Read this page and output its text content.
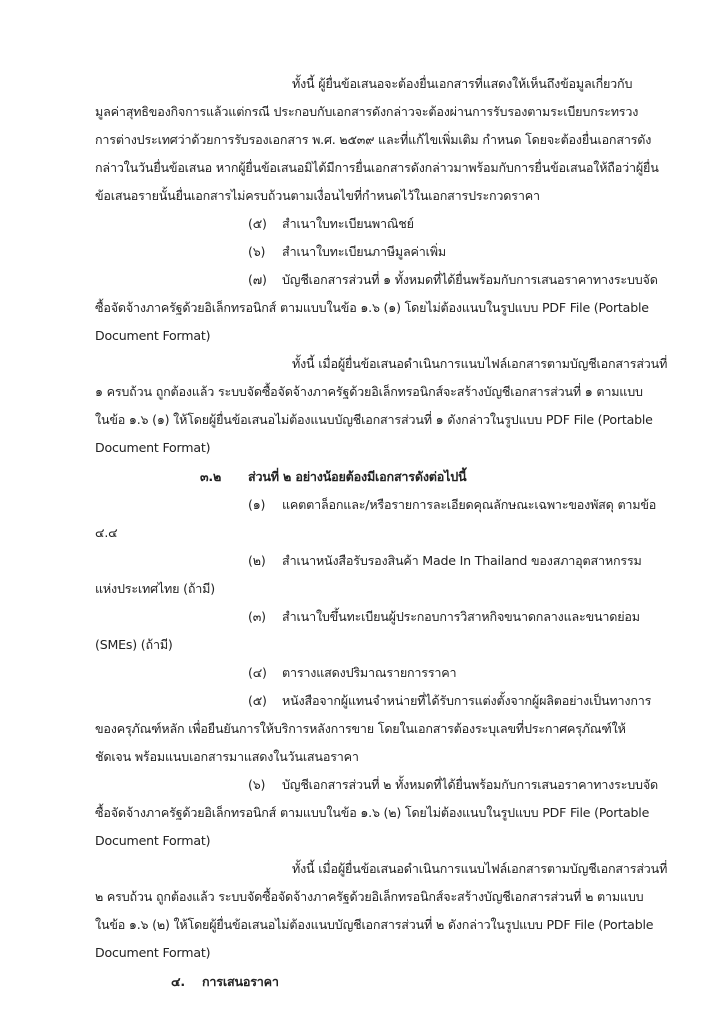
ทั้งนี้ ผู้ยื่นข้อเสนอจะต้องยื่นเอกสารที่แสดงให้เห็นถึงข้อมูลเกี่ยวกับ
มูลค่าสุทธิของกิจการแล้วแต่กรณี ประกอบกับเอกสารดังกล่าวจะต้องผ่านการรับรองตามระเบียบกระทรวง
การต่างประเทศว่าด้วยการรับรองเอกสาร พ.ศ. ๒๕๓๙ และที่แก้ไขเพิ่มเติม กำหนด โดยจะต้องยื่นเอกสารดัง
กล่าวในวันยื่นข้อเสนอ หากผู้ยื่นข้อเสนอมิได้มีการยื่นเอกสารดังกล่าวมาพร้อมกับการยื่นข้อเสนอให้ถือว่าผู้ยื่น
ข้อเสนอรายนั้นยื่นเอกสารไม่ครบถ้วนตามเงื่อนไขที่กำหนดไว้ในเอกสารประกวดราคา
(๕) สำเนาใบทะเบียนพาณิชย์
(๖) สำเนาใบทะเบียนภาษีมูลค่าเพิ่ม
(๗) บัญชีเอกสารส่วนที่ ๑ ทั้งหมดที่ได้ยื่นพร้อมกับการเสนอราคาทางระบบจัด
ซื้อจัดจ้างภาครัฐด้วยอิเล็กทรอนิกส์ ตามแบบในข้อ ๑.๖ (๑) โดยไม่ต้องแนบในรูปแบบ PDF File (Portable
Document Format)
ทั้งนี้ เมื่อผู้ยื่นข้อเสนอดำเนินการแนบไฟล์เอกสารตามบัญชีเอกสารส่วนที่
๑ ครบถ้วน ถูกต้องแล้ว ระบบจัดซื้อจัดจ้างภาครัฐด้วยอิเล็กทรอนิกส์จะสร้างบัญชีเอกสารส่วนที่ ๑ ตามแบบ
ในข้อ ๑.๖ (๑) ให้โดยผู้ยื่นข้อเสนอไม่ต้องแนบบัญชีเอกสารส่วนที่ ๑ ดังกล่าวในรูปแบบ PDF File (Portable
Document Format)
๓.๒ ส่วนที่ ๒ อย่างน้อยต้องมีเอกสารดังต่อไปนี้
(๑) แคตตาล็อกและ/หรือรายการละเอียดคุณลักษณะเฉพาะของพัสดุ ตามข้อ
๔.๔
(๒) สำเนาหนังสือรับรองสินค้า Made In Thailand ของสภาอุตสาหกรรม
แห่งประเทศไทย (ถ้ามี)
(๓) สำเนาใบขึ้นทะเบียนผู้ประกอบการวิสาหกิจขนาดกลางและขนาดย่อม
(SMEs) (ถ้ามี)
(๔) ตารางแสดงปริมาณรายการราคา
(๕) หนังสือจากผู้แทนจำหน่ายที่ได้รับการแต่งตั้งจากผู้ผลิตอย่างเป็นทางการ
ของครุภัณฑ์หลัก เพื่อยืนยันการให้บริการหลังการขาย โดยในเอกสารต้องระบุเลขที่ประกาศครุภัณฑ์ให้
ชัดเจน พร้อมแนบเอกสารมาแสดงในวันเสนอราคา
(๖) บัญชีเอกสารส่วนที่ ๒ ทั้งหมดที่ได้ยื่นพร้อมกับการเสนอราคาทางระบบจัด
ซื้อจัดจ้างภาครัฐด้วยอิเล็กทรอนิกส์ ตามแบบในข้อ ๑.๖ (๒) โดยไม่ต้องแนบในรูปแบบ PDF File (Portable
Document Format)
ทั้งนี้ เมื่อผู้ยื่นข้อเสนอดำเนินการแนบไฟล์เอกสารตามบัญชีเอกสารส่วนที่
๒ ครบถ้วน ถูกต้องแล้ว ระบบจัดซื้อจัดจ้างภาครัฐด้วยอิเล็กทรอนิกส์จะสร้างบัญชีเอกสารส่วนที่ ๒ ตามแบบ
ในข้อ ๑.๖ (๒) ให้โดยผู้ยื่นข้อเสนอไม่ต้องแนบบัญชีเอกสารส่วนที่ ๒ ดังกล่าวในรูปแบบ PDF File (Portable
Document Format)
๔. การเสนอราคา
